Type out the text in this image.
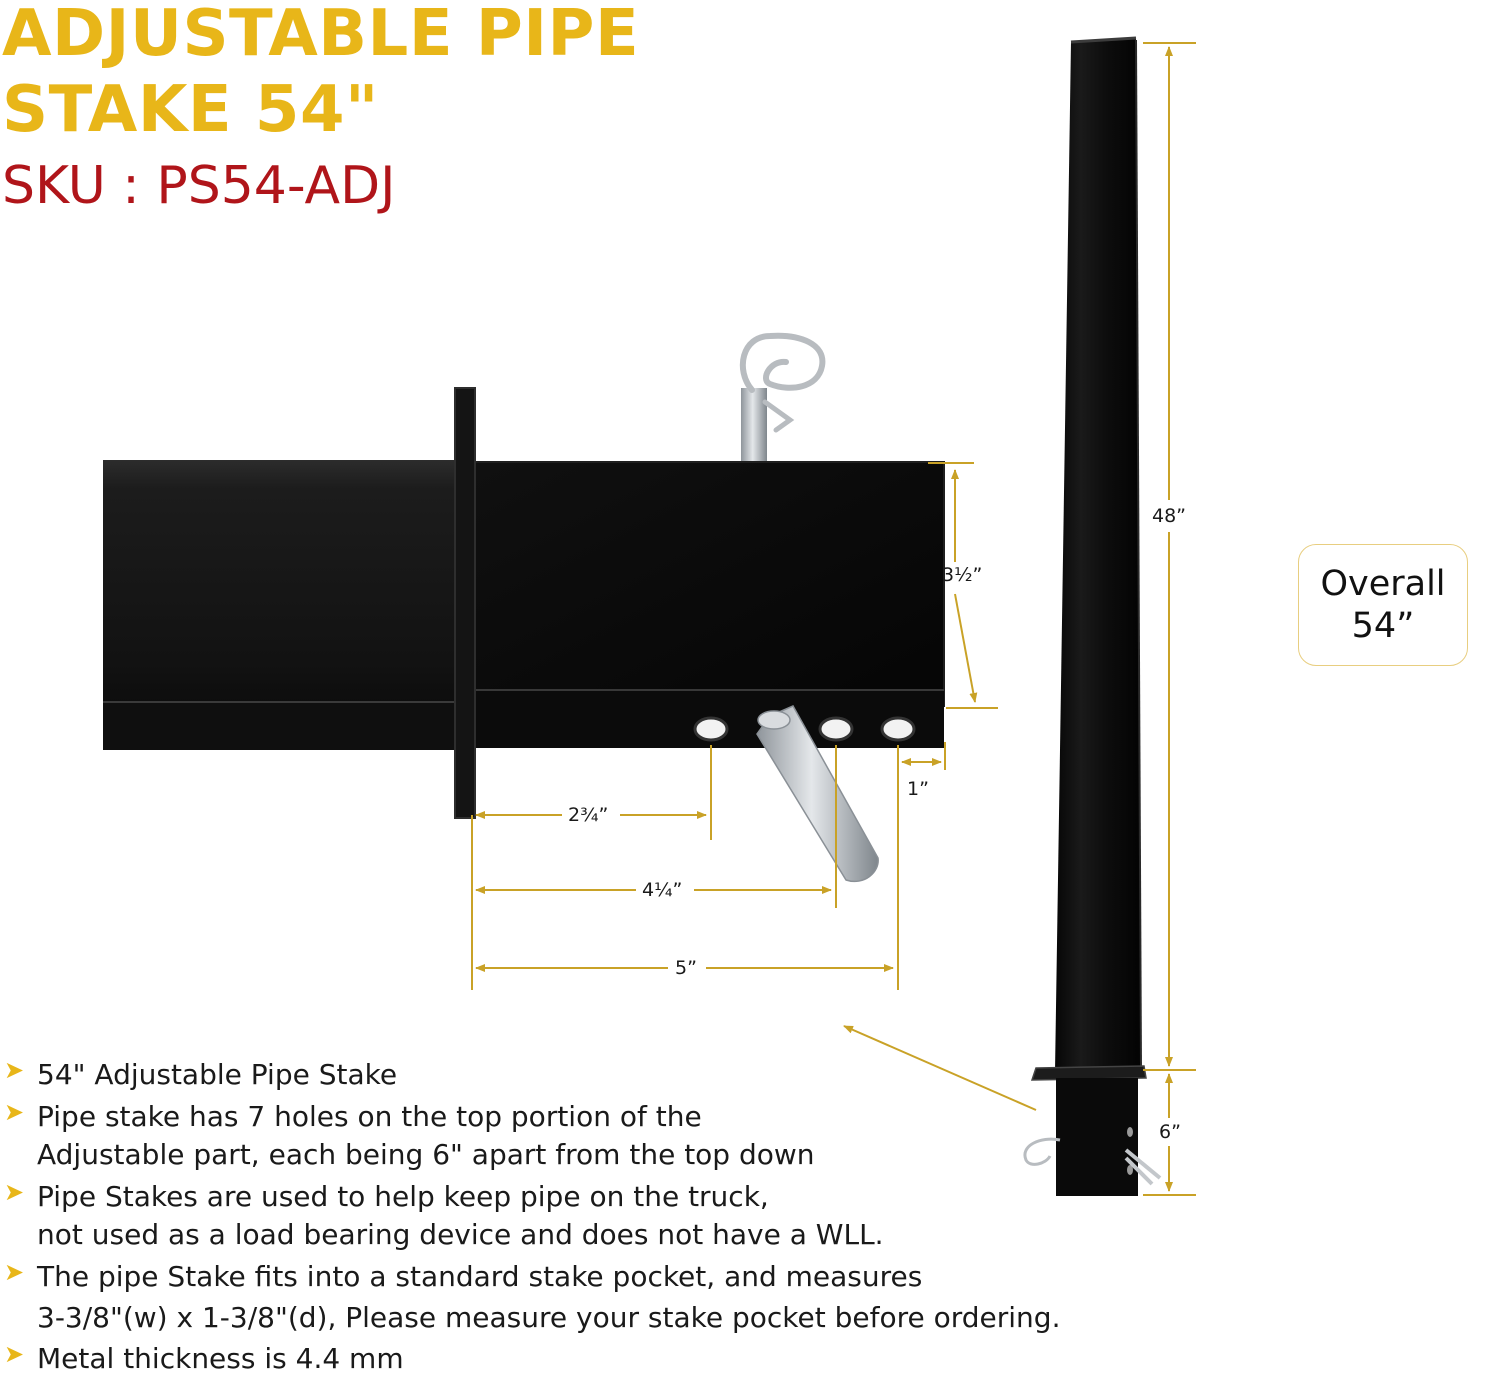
ADJUSTABLE PIPE
STAKE 54"
SKU : PS54-ADJ
3½”
2¾”
4¼”
5”
1”
48”
6”
Overall
54”
➤ 54" Adjustable Pipe Stake
➤ Pipe stake has 7 holes on the top portion of the
Adjustable part, each being 6" apart from the top down
➤ Pipe Stakes are used to help keep pipe on the truck,
not used as a load bearing device and does not have a WLL.
➤ The pipe Stake fits into a standard stake pocket, and measures
3-3/8"(w) x 1-3/8"(d), Please measure your stake pocket before ordering.
➤ Metal thickness is 4.4 mm
